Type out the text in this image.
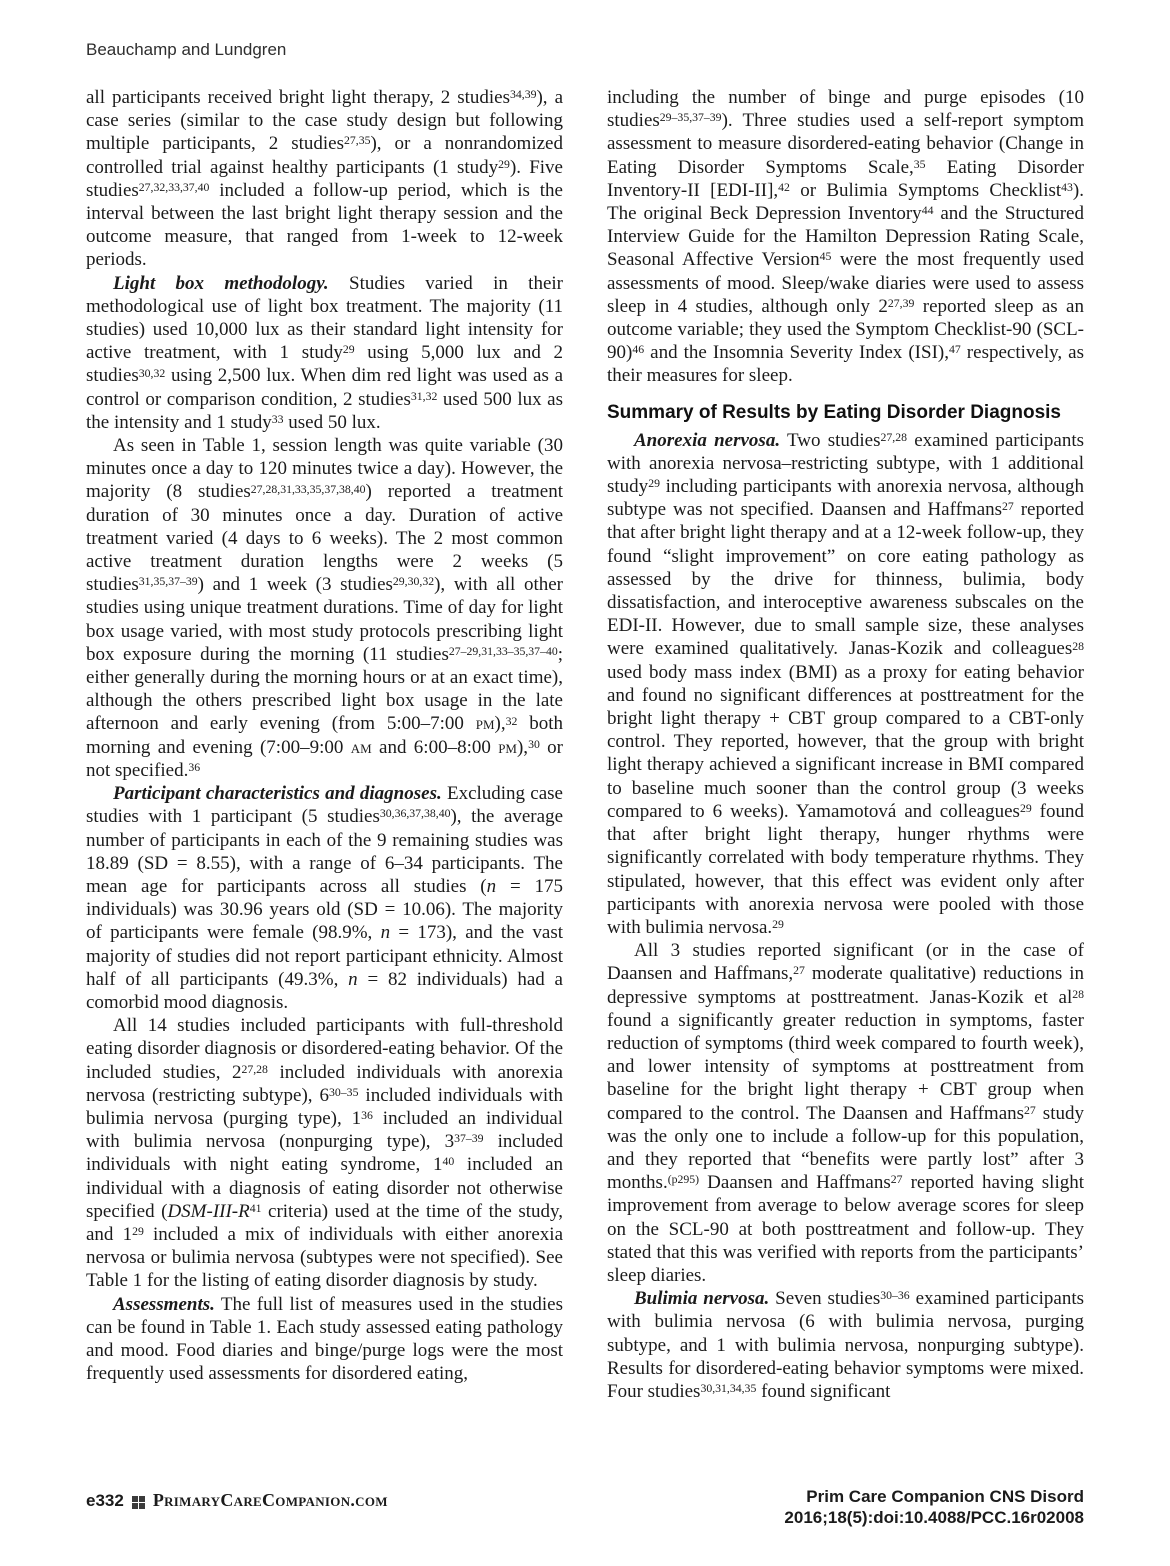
Beauchamp and Lundgren

all participants received bright light therapy, 2 studies$^{34,39}$), a case series (similar to the case study design but following multiple participants, 2 studies$^{27,35}$), or a nonrandomized controlled trial against healthy participants (1 study$^{29}$). Five studies$^{27,32,33,37,40}$ included a follow-up period, which is the interval between the last bright light therapy session and the outcome measure, that ranged from 1-week to 12-week periods.

Light box methodology. Studies varied in their methodological use of light box treatment. The majority (11 studies) used 10,000 lux as their standard light intensity for active treatment, with 1 study$^{29}$ using 5,000 lux and 2 studies$^{30,32}$ using 2,500 lux. When dim red light was used as a control or comparison condition, 2 studies$^{31,32}$ used 500 lux as the intensity and 1 study$^{33}$ used 50 lux.

As seen in Table 1, session length was quite variable (30 minutes once a day to 120 minutes twice a day). However, the majority (8 studies$^{27,28,31,33,35,37,38,40}$) reported a treatment duration of 30 minutes once a day. Duration of active treatment varied (4 days to 6 weeks). The 2 most common active treatment duration lengths were 2 weeks (5 studies$^{31,35,37-39}$) and 1 week (3 studies$^{29,30,32}$), with all other studies using unique treatment durations. Time of day for light box usage varied, with most study protocols prescribing light box exposure during the morning (11 studies$^{27-29,31,33-35,37-40}$; either generally during the morning hours or at an exact time), although the others prescribed light box usage in the late afternoon and early evening (from 5:00–7:00 pm),$^{32}$ both morning and evening (7:00–9:00 am and 6:00–8:00 pm),$^{30}$ or not specified.$^{36}$

Participant characteristics and diagnoses. Excluding case studies with 1 participant (5 studies$^{30,36,37,38,40}$), the average number of participants in each of the 9 remaining studies was 18.89 (SD = 8.55), with a range of 6–34 participants. The mean age for participants across all studies (n = 175 individuals) was 30.96 years old (SD = 10.06). The majority of participants were female (98.9%, n = 173), and the vast majority of studies did not report participant ethnicity. Almost half of all participants (49.3%, n = 82 individuals) had a comorbid mood diagnosis.

All 14 studies included participants with full-threshold eating disorder diagnosis or disordered-eating behavior. Of the included studies, 2$^{27,28}$ included individuals with anorexia nervosa (restricting subtype), 6$^{30-35}$ included individuals with bulimia nervosa (purging type), $1^{36}$ included an individual with bulimia nervosa (nonpurging type), 3$^{37-39}$ included individuals with night eating syndrome, $1^{40}$ included an individual with a diagnosis of eating disorder not otherwise specified ($DSM-III-R^{41}$ criteria) used at the time of the study, and $1^{29}$ included a mix of individuals with either anorexia nervosa or bulimia nervosa (subtypes were not specified). See Table 1 for the listing of eating disorder diagnosis by study.

Assessments. The full list of measures used in the studies can be found in Table 1. Each study assessed eating pathology and mood. Food diaries and binge/purge logs were the most frequently used assessments for disordered eating,

including the number of binge and purge episodes (10 studies$^{29-35,37-39}$). Three studies used a self-report symptom assessment to measure disordered-eating behavior (Change in Eating Disorder Symptoms Scale,$^{35}$ Eating Disorder Inventory-II [EDI-II],$^{42}$ or Bulimia Symptoms Checklist$^{43}$). The original Beck Depression Inventory$^{44}$ and the Structured Interview Guide for the Hamilton Depression Rating Scale, Seasonal Affective Version$^{45}$ were the most frequently used assessments of mood. Sleep/wake diaries were used to assess sleep in 4 studies, although only 2$^{27,39}$ reported sleep as an outcome variable; they used the Symptom Checklist-90 $(SCL-90)^{46}$ and the Insomnia Severity Index (ISI),$^{47}$ respectively, as their measures for sleep.

Summary of Results by Eating Disorder Diagnosis

Anorexia nervosa. Two studies$^{27,28}$ examined participants with anorexia nervosa–restricting subtype, with 1 additional study$^{29}$ including participants with anorexia nervosa, although subtype was not specified. Daansen and Haffmans$^{27}$ reported that after bright light therapy and at a 12-week follow-up, they found “slight improvement” on core eating pathology as assessed by the drive for thinness, bulimia, body dissatisfaction, and interoceptive awareness subscales on the EDI-II. However, due to small sample size, these analyses were examined qualitatively. Janas-Kozik and colleagues$^{28}$ used body mass index (BMI) as a proxy for eating behavior and found no significant differences at posttreatment for the bright light therapy + CBT group compared to a CBT-only control. They reported, however, that the group with bright light therapy achieved a significant increase in BMI compared to baseline much sooner than the control group (3 weeks compared to 6 weeks). Yamamotová and colleagues$^{29}$ found that after bright light therapy, hunger rhythms were significantly correlated with body temperature rhythms. They stipulated, however, that this effect was evident only after participants with anorexia nervosa were pooled with those with bulimia nervosa.$^{29}$

All 3 studies reported significant (or in the case of Daansen and Haffmans,$^{27}$ moderate qualitative) reductions in depressive symptoms at posttreatment. Janas-Kozik et $al^{28}$ found a significantly greater reduction in symptoms, faster reduction of symptoms (third week compared to fourth week), and lower intensity of symptoms at posttreatment from baseline for the bright light therapy + CBT group when compared to the control. The Daansen and Haffmans$^{27}$ study was the only one to include a follow-up for this population, and they reported that “benefits were partly lost” after 3 months.$^{(p295)}$ Daansen and Haffmans$^{27}$ reported having slight improvement from average to below average scores for sleep on the SCL-90 at both posttreatment and follow-up. They stated that this was verified with reports from the participants’ sleep diaries.

Bulimia nervosa. Seven studies$^{30-36}$ examined participants with bulimia nervosa (6 with bulimia nervosa, purging subtype, and 1 with bulimia nervosa, nonpurging subtype). Results for disordered-eating behavior symptoms were mixed. Four studies$^{30,31,34,35}$ found significant

e332 PrimaryCareCompanion.com	Prim Care Companion CNS Disord
2016;18(5):doi:10.4088/PCC.16r02008
